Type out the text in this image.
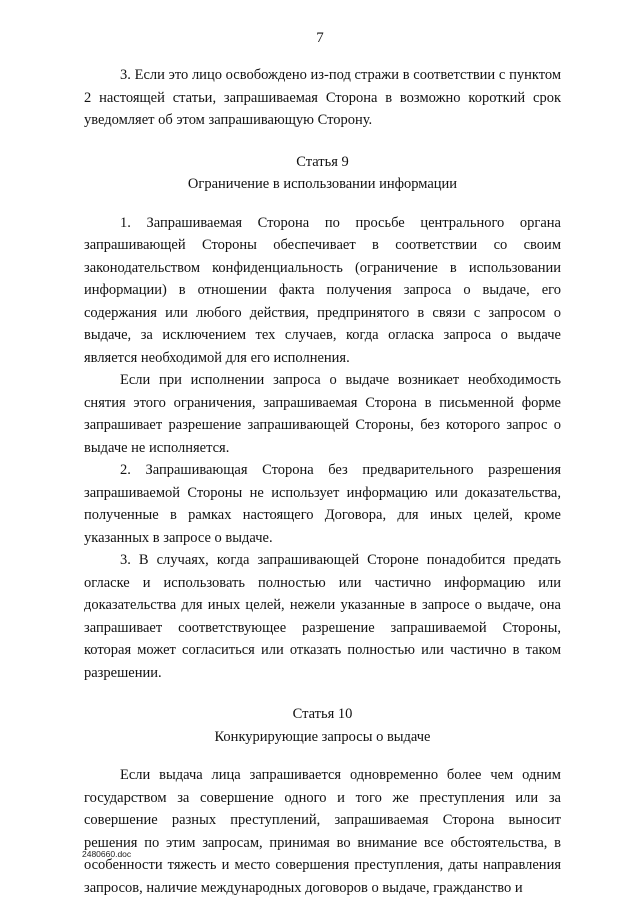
7

3. Если это лицо освобождено из-под стражи в соответствии с пунктом 2 настоящей статьи, запрашиваемая Сторона в возможно короткий срок уведомляет об этом запрашивающую Сторону.

Статья 9

Ограничение в использовании информации

1. Запрашиваемая Сторона по просьбе центрального органа запрашивающей Стороны обеспечивает в соответствии со своим законодательством конфиденциальность (ограничение в использовании информации) в отношении факта получения запроса о выдаче, его содержания или любого действия, предпринятого в связи с запросом о выдаче, за исключением тех случаев, когда огласка запроса о выдаче является необходимой для его исполнения.

Если при исполнении запроса о выдаче возникает необходимость снятия этого ограничения, запрашиваемая Сторона в письменной форме запрашивает разрешение запрашивающей Стороны, без которого запрос о выдаче не исполняется.

2. Запрашивающая Сторона без предварительного разрешения запрашиваемой Стороны не использует информацию или доказательства, полученные в рамках настоящего Договора, для иных целей, кроме указанных в запросе о выдаче.

3. В случаях, когда запрашивающей Стороне понадобится предать огласке и использовать полностью или частично информацию или доказательства для иных целей, нежели указанные в запросе о выдаче, она запрашивает соответствующее разрешение запрашиваемой Стороны, которая может согласиться или отказать полностью или частично в таком разрешении.

Статья 10

Конкурирующие запросы о выдаче

Если выдача лица запрашивается одновременно более чем одним государством за совершение одного и того же преступления или за совершение разных преступлений, запрашиваемая Сторона выносит решения по этим запросам, принимая во внимание все обстоятельства, в особенности тяжесть и место совершения преступления, даты направления запросов, наличие международных договоров о выдаче, гражданство и

2480660.doc
